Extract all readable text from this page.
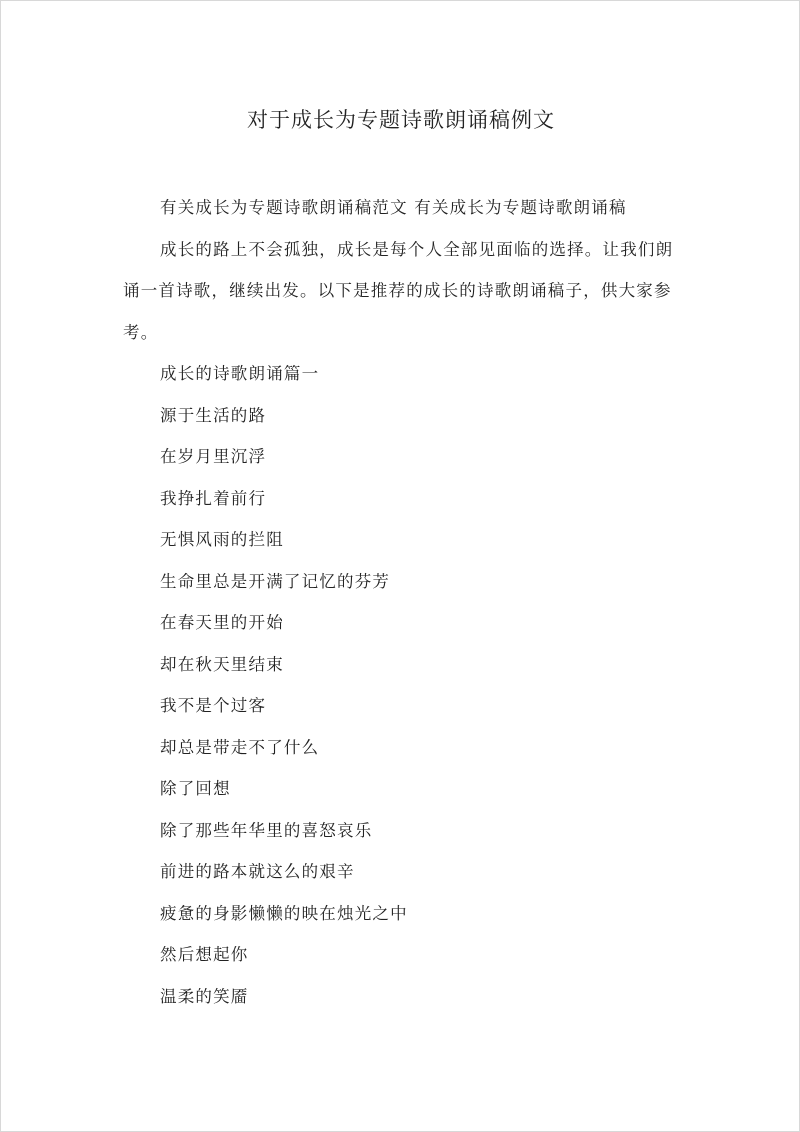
对于成长为专题诗歌朗诵稿例文

有关成长为专题诗歌朗诵稿范文 有关成长为专题诗歌朗诵稿

成长的路上不会孤独，成长是每个人全部见面临的选择。让我们朗诵一首诗歌，继续出发。以下是推荐的成长的诗歌朗诵稿子，供大家参考。

成长的诗歌朗诵篇一

源于生活的路

在岁月里沉浮

我挣扎着前行

无惧风雨的拦阻

生命里总是开满了记忆的芬芳

在春天里的开始

却在秋天里结束

我不是个过客

却总是带走不了什么

除了回想

除了那些年华里的喜怒哀乐

前进的路本就这么的艰辛

疲惫的身影懒懒的映在烛光之中

然后想起你

温柔的笑靥
